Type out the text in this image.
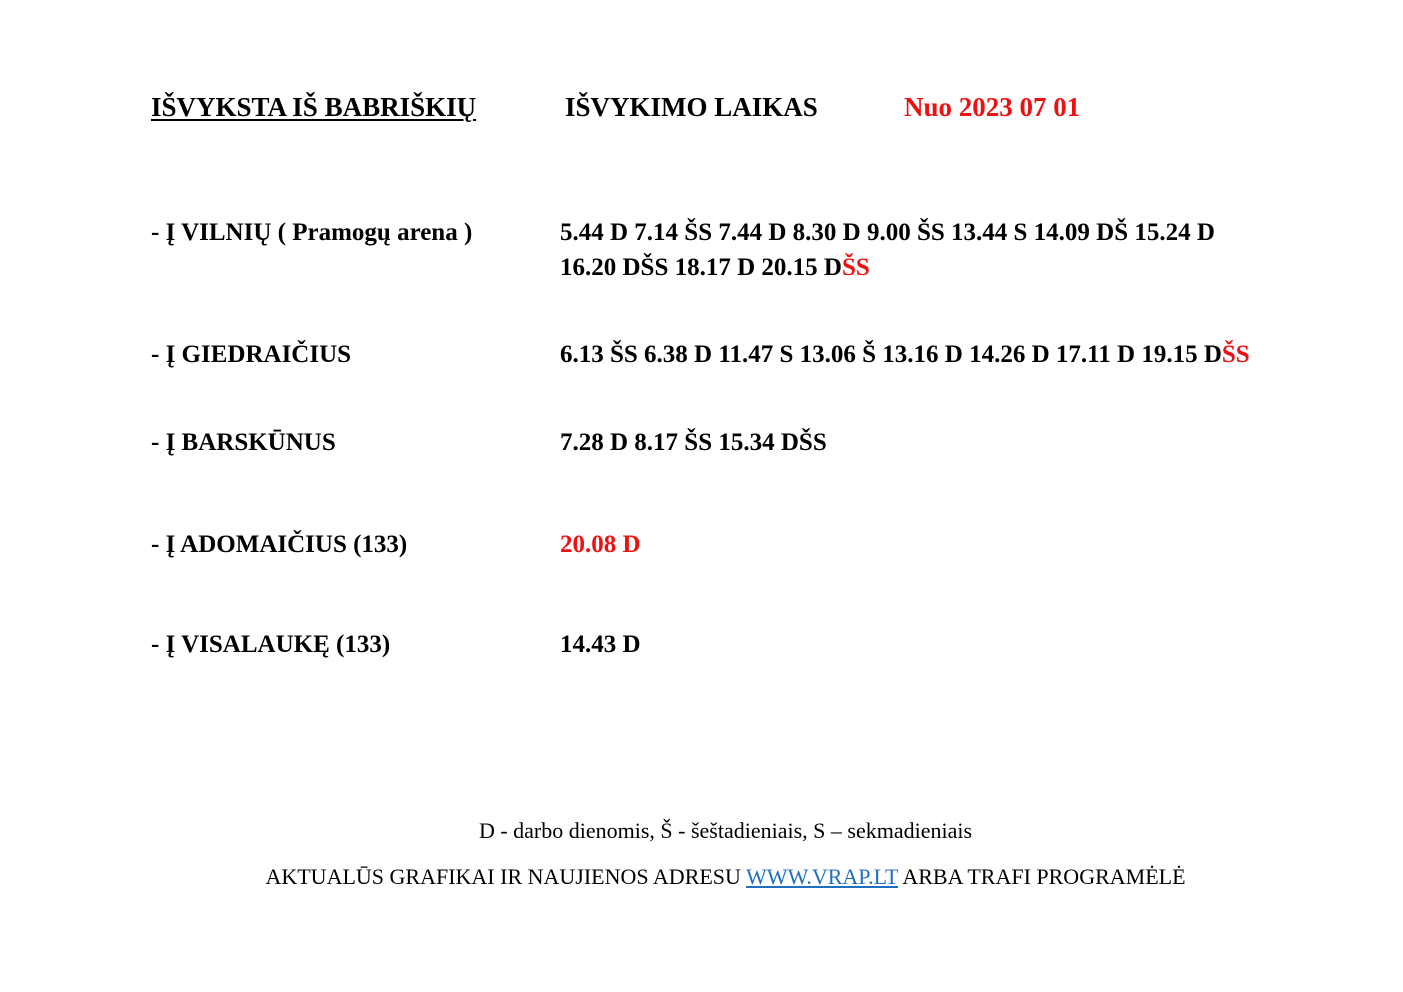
IŠVYKSTA IŠ BABRIŠKIŲ	IŠVYKIMO LAIKAS	Nuo 2023 07 01
- Į VILNIŲ ( Pramogų arena )	5.44 D 7.14 ŠS 7.44 D 8.30 D 9.00 ŠS 13.44 S 14.09 DŠ 15.24 D
16.20 DŠS 18.17 D 20.15 DŠS
- Į GIEDRAIČIUS	6.13 ŠS 6.38 D 11.47 S 13.06 Š 13.16 D 14.26 D 17.11 D 19.15 DŠS
- Į BARSKŪNUS	7.28 D 8.17 ŠS 15.34 DŠS
- Į ADOMAIČIUS (133)	20.08 D
- Į VISALAUKĘ (133)	14.43 D
D - darbo dienomis, Š - šeštadieniais, S – sekmadieniais
AKTUALŪS GRAFIKAI IR NAUJIENOS ADRESU WWW.VRAP.LT ARBA TRAFI PROGRAMĖLĖ
